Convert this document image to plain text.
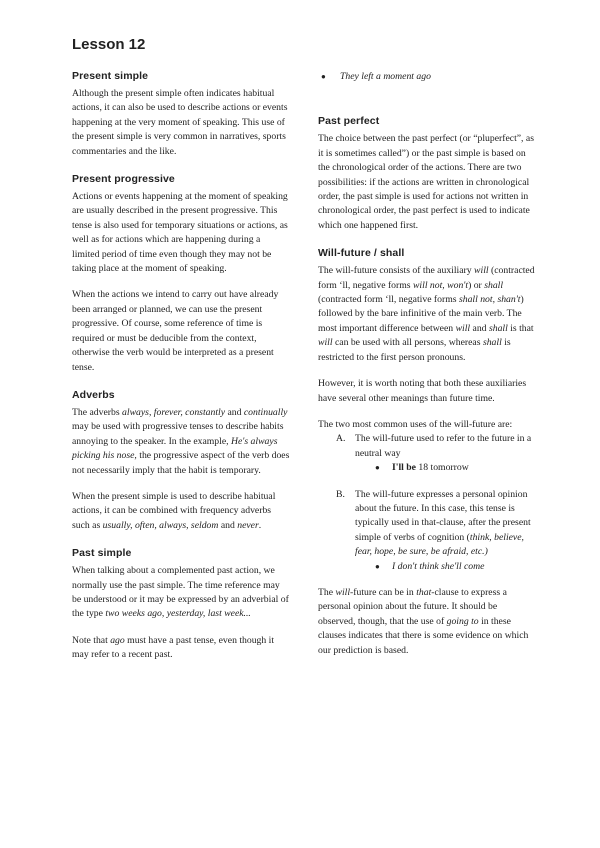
Lesson 12
Present simple

Although the present simple often indicates habitual actions, it can also be used to describe actions or events happening at the very moment of speaking. This use of the present simple is very common in narratives, sports commentaries and the like.

Present progressive

Actions or events happening at the moment of speaking are usually described in the present progressive. This tense is also used for temporary situations or actions, as well as for actions which are happening during a limited period of time even though they may not be taking place at the moment of speaking.

When the actions we intend to carry out have already been arranged or planned, we can use the present progressive. Of course, some reference of time is required or must be deducible from the context, otherwise the verb would be interpreted as a present tense.

Adverbs

The adverbs always, forever, constantly and continually may be used with progressive tenses to describe habits annoying to the speaker. In the example, He's always picking his nose, the progressive aspect of the verb does not necessarily imply that the habit is temporary.

When the present simple is used to describe habitual actions, it can be combined with frequency adverbs such as usually, often, always, seldom and never.

Past simple

When talking about a complemented past action, we normally use the past simple. The time reference may be understood or it may be expressed by an adverbial of the type two weeks ago, yesterday, last week...

Note that ago must have a past tense, even though it may refer to a recent past.

● They left a moment ago

Past perfect

The choice between the past perfect (or “pluperfect”, as it is sometimes called”) or the past simple is based on the chronological order of the actions. There are two possibilities: if the actions are written in chronological order, the past simple is used for actions not written in chronological order, the past perfect is used to indicate which one happened first.

Will-future / shall

The will-future consists of the auxiliary will (contracted form ‘ll, negative forms will not, won't) or shall (contracted form ‘ll, negative forms shall not, shan't) followed by the bare infinitive of the main verb. The most important difference between will and shall is that will can be used with all persons, whereas shall is restricted to the first person pronouns.

However, it is worth noting that both these auxiliaries have several other meanings than future time.

The two most common uses of the will-future are:

A. The will-future used to refer to the future in a neutral way

● I'll be 18 tomorrow

B. The will-future expresses a personal opinion about the future. In this case, this tense is typically used in that-clause, after the present simple of verbs of cognition (think, believe, fear, hope, be sure, be afraid, etc.)

● I don't think she'll come

The will-future can be in that-clause to express a personal opinion about the future. It should be observed, though, that the use of going to in these clauses indicates that there is some evidence on which our prediction is based.
